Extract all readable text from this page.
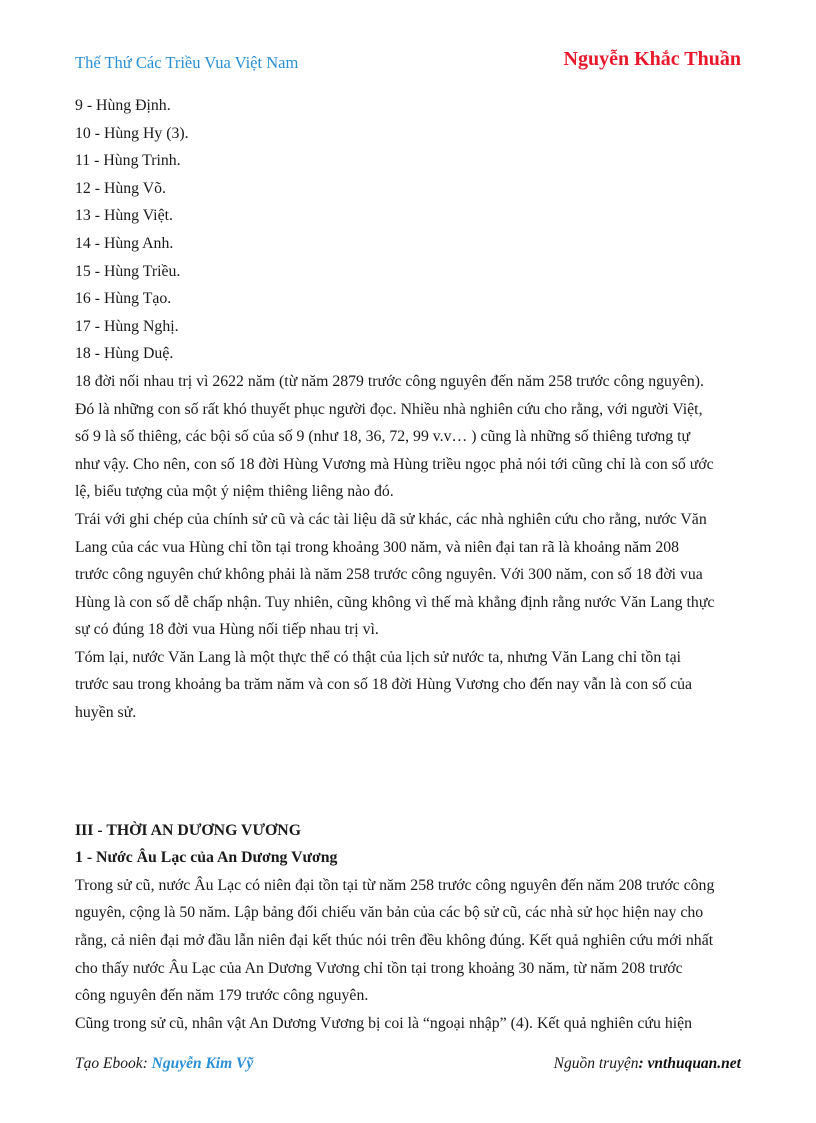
Thế Thứ Các Triều Vua Việt Nam	Nguyễn Khắc Thuần
9 - Hùng Định.
10 - Hùng Hy (3).
11 - Hùng Trinh.
12 - Hùng Võ.
13 - Hùng Việt.
14 - Hùng Anh.
15 - Hùng Triều.
16 - Hùng Tạo.
17 - Hùng Nghị.
18 - Hùng Duệ.
18 đời nối nhau trị vì 2622 năm (từ năm 2879 trước công nguyên đến năm 258 trước công nguyên).
Đó là những con số rất khó thuyết phục người đọc. Nhiều nhà nghiên cứu cho rằng, với người Việt,
số 9 là số thiêng, các bội số của số 9 (như 18, 36, 72, 99 v.v… ) cũng là những số thiêng tương tự
như vậy. Cho nên, con số 18 đời Hùng Vương mà Hùng triều ngọc phả nói tới cũng chỉ là con số ước
lệ, biểu tượng của một ý niệm thiêng liêng nào đó.
Trái với ghi chép của chính sử cũ và các tài liệu dã sử khác, các nhà nghiên cứu cho rằng, nước Văn
Lang của các vua Hùng chỉ tồn tại trong khoảng 300 năm, và niên đại tan rã là khoảng năm 208
trước công nguyên chứ không phải là năm 258 trước công nguyên. Với 300 năm, con số 18 đời vua
Hùng là con số dễ chấp nhận. Tuy nhiên, cũng không vì thế mà khẳng định rằng nước Văn Lang thực
sự có đúng 18 đời vua Hùng nối tiếp nhau trị vì.
Tóm lại, nước Văn Lang là một thực thể có thật của lịch sử nước ta, nhưng Văn Lang chỉ tồn tại
trước sau trong khoảng ba trăm năm và con số 18 đời Hùng Vương cho đến nay vẫn là con số của
huyền sử.
III - THỜI AN DƯƠNG VƯƠNG
1 - Nước Âu Lạc của An Dương Vương
Trong sử cũ, nước Âu Lạc có niên đại tồn tại từ năm 258 trước công nguyên đến năm 208 trước công
nguyên, cộng là 50 năm. Lập bảng đối chiếu văn bản của các bộ sử cũ, các nhà sử học hiện nay cho
rằng, cả niên đại mở đầu lẫn niên đại kết thúc nói trên đều không đúng. Kết quả nghiên cứu mới nhất
cho thấy nước Âu Lạc của An Dương Vương chỉ tồn tại trong khoảng 30 năm, từ năm 208 trước
công nguyên đến năm 179 trước công nguyên.
Cũng trong sử cũ, nhân vật An Dương Vương bị coi là “ngoại nhập” (4). Kết quả nghiên cứu hiện
Tạo Ebook: Nguyễn Kim Vỹ	Nguồn truyện: vnthuquan.net
